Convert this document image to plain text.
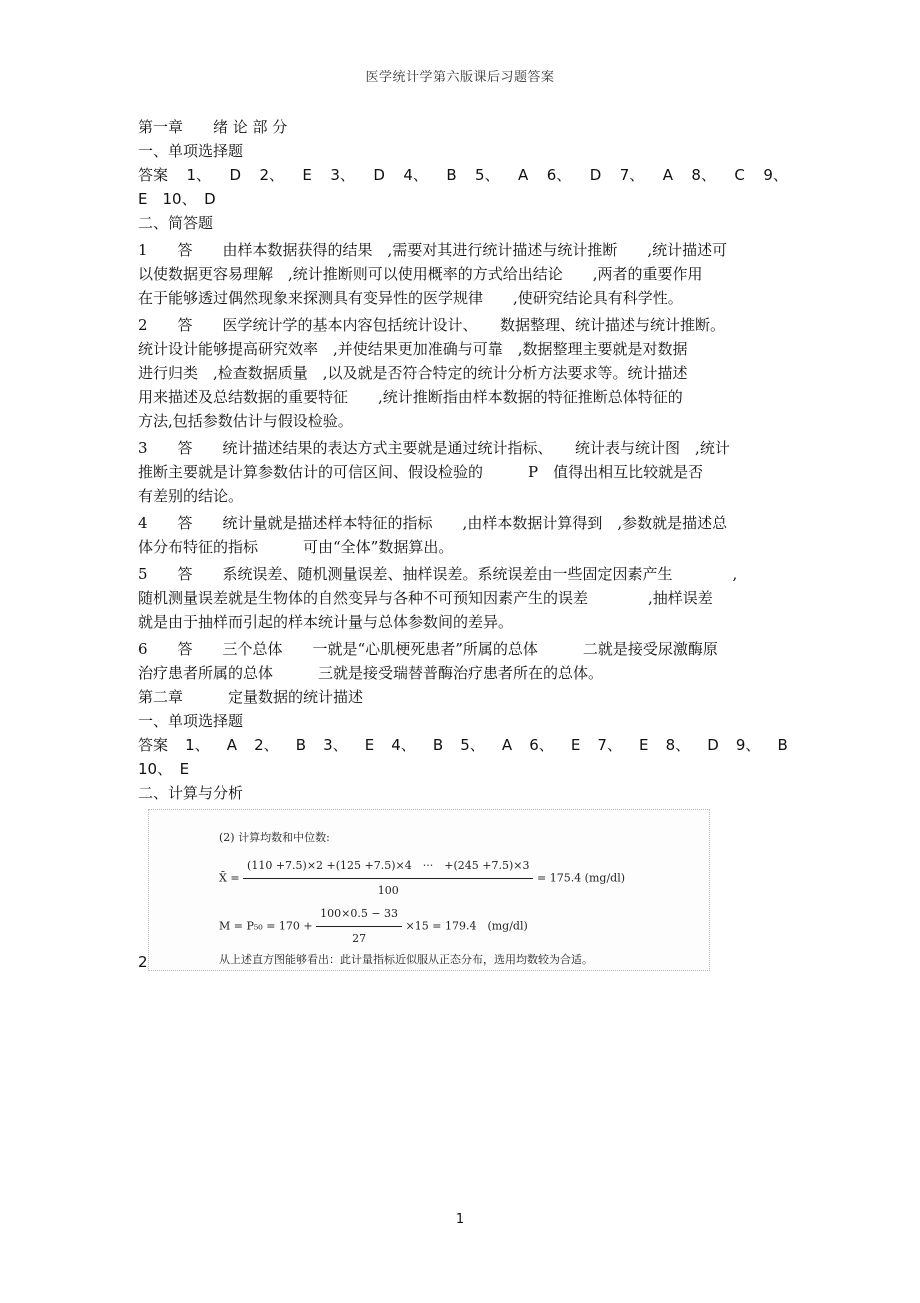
医学统计学第六版课后习题答案
第一章　　绪 论 部 分
一、单项选择题
答案 1、 D 2、 E 3、 D 4、 B 5、 A 6、 D 7、 A 8、 C 9、
E　10、　D
二、简答题
1　　答　　由样本数据获得的结果　,需要对其进行统计描述与统计推断　　,统计描述可
以使数据更容易理解　,统计推断则可以使用概率的方式给出结论　　,两者的重要作用
在于能够透过偶然现象来探测具有变异性的医学规律　　,使研究结论具有科学性。
2　　答　　医学统计学的基本内容包括统计设计、　　数据整理、统计描述与统计推断。
统计设计能够提高研究效率　,并使结果更加准确与可靠　,数据整理主要就是对数据
进行归类　,检查数据质量　,以及就是否符合特定的统计分析方法要求等。统计描述
用来描述及总结数据的重要特征　　,统计推断指由样本数据的特征推断总体特征的
方法,包括参数估计与假设检验。
3　　答　　统计描述结果的表达方式主要就是通过统计指标、　　统计表与统计图　,统计
推断主要就是计算参数估计的可信区间、假设检验的　　　P　值得出相互比较就是否
有差别的结论。
4　　答　　统计量就是描述样本特征的指标　　,由样本数据计算得到　,参数就是描述总
体分布特征的指标　　　可由“全体”数据算出。
5　　答　　系统误差、随机测量误差、抽样误差。系统误差由一些固定因素产生　　　　,
随机测量误差就是生物体的自然变异与各种不可预知因素产生的误差　　　　,抽样误差
就是由于抽样而引起的样本统计量与总体参数间的差异。
6　　答　　三个总体　　一就是“心肌梗死患者”所属的总体　　　二就是接受尿激酶原
治疗患者所属的总体　　　三就是接受瑞替普酶治疗患者所在的总体。
第二章　　　定量数据的统计描述
一、单项选择题
答案 1、 A 2、 B 3、 E 4、 B 5、 A 6、 E 7、 E 8、 D 9、 B
10、　E
二、计算与分析
2
(2) 计算均数和中位数:
X̄ = $\frac{(110 +7.5)\times 2 +(125 +7.5)\times 4 \cdot\cdot\cdot +(245 +7.5)\times 3}{100} = 175.4$ (mg/dl)
$M = P_{50} = 170 + \frac{100\times 0.5 - 33}{27} \times 15 = 179.4$　(mg/dl)
从上述直方图能够看出：此计量指标近似服从正态分布，选用均数较为合适。
1
